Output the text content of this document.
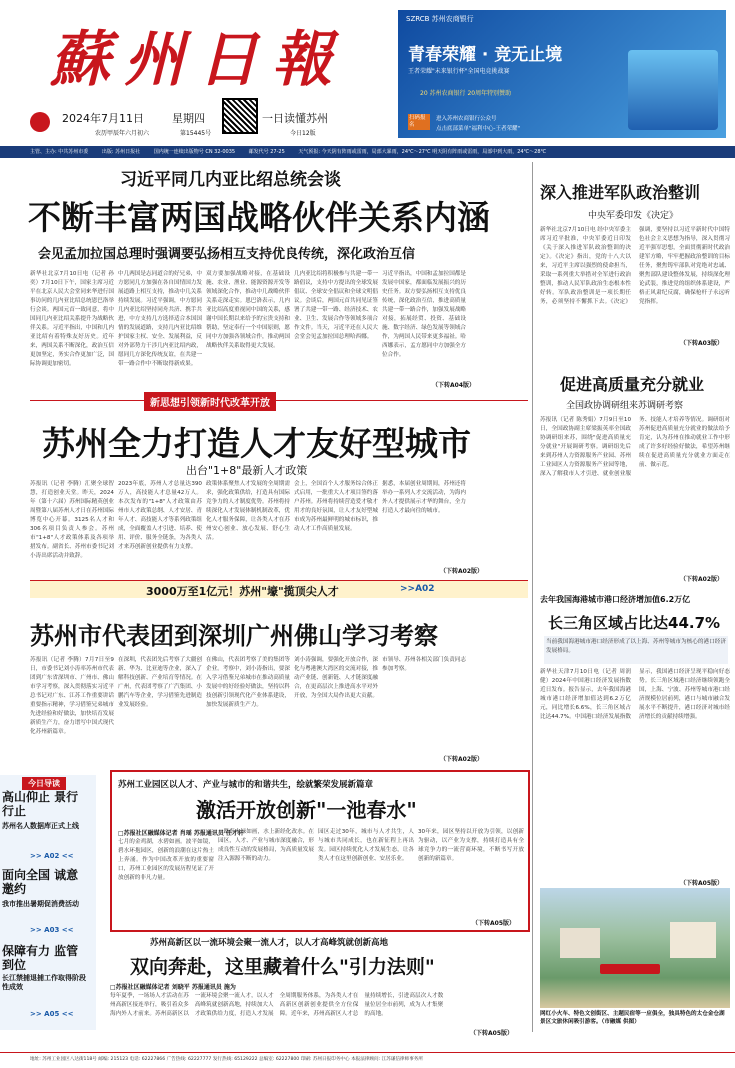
蘇州日報
2024年7月11日	星期四
农历甲辰年六月初六	第15445号
一日读懂苏州
今日12版
SZRCB 苏州农商银行
青春荣耀 · 竞无止境
王者荣耀"未来银行杯"全国电竞挑战赛
20 苏州农商银行 20周年特别赞助
扫码报名
进入苏州农商银行公众号
点击底部菜单"福利中心-王者荣耀"
主管、主办: 中共苏州市委	出版: 苏州日报社	国内统一连续出版物号 CN 32-0035	邮发代号 27-25	天气预报: 今天阴有阵雨或雷雨，局部大暴雨，24℃～27℃ 明天阴有阵雨或雷雨，局部中到大雨，24℃～28℃
习近平同几内亚比绍总统会谈
不断丰富两国战略伙伴关系内涵
会见孟加拉国总理时强调要弘扬相互支持优良传统，深化政治互信
新华社北京7月10日电（记者 孙奕）7月10日下午，国家主席习近平在北京人民大会堂同来华进行国事访问的几内亚比绍总统恩巴洛举行会谈。两国元首一致同意，将中国同几内亚比绍关系提升为战略伙伴关系。习近平指出，中国和几内亚比绍有着特殊友好历史。近年来，两国关系不断深化，政治互信更加坚定，务实合作更加广泛，国际协调更加密切。
中几两国是志同道合的好兄弟，中方愿同几方加强在各自国情国力发展道路上相互支持，推动中几关系持续发展。习近平强调，中方愿同几内亚比绍坚持同舟共济、携手共进，中方支持几方选择适合本国国情的发展道路，支持几内亚比绍维护国家主权、安全、发展利益，反对外部势力干涉几内亚比绍内政，愿同几方深化传统友谊，在共建一带一路合作中不断取得新成果。
双方要加强战略对接，在基础设施、农业、渔业、能源资源开发等领域深化合作，推动中几战略伙伴关系走深走实。恩巴洛表示，几内亚比绍高度重视同中国的关系，感谢中国长期以来给予的宝贵支持和帮助，坚定奉行一个中国原则，愿同中方加强各领域合作，推动两国战略伙伴关系取得更大发展。
几内亚比绍将积极参与共建一带一路倡议，支持中方提出的全球发展倡议、全球安全倡议和全球文明倡议。会谈后，两国元首共同见证签署了共建一带一路、经济技术、农业、卫生、发展合作等领域多项合作文件。当天，习近平还在人民大会堂会见孟加拉国总理哈西娜。
习近平指出，中国和孟加拉国都是发展中国家，都面临发展振兴的历史任务。双方要弘扬相互支持优良传统，深化政治互信，推进高质量共建一带一路合作，加强发展战略对接，拓展经贸、投资、基础设施、数字经济、绿色发展等领域合作，为两国人民带来更多福祉。哈西娜表示，孟方愿同中方加强全方位合作。
（下转A04版）
深入推进军队政治整训
中央军委印发《决定》
新华社北京7月10日电 经中央军委主席习近平批准，中央军委近日印发《关于深入推进军队政治整训的决定》。《决定》指出，党的十八大以来，习近平主席以强烈的使命担当，采取一系列重大举措对全军进行政治整训，推动人民军队政治生态根本性好转。军队政治整训是一项长期任务，必须坚持不懈抓下去。《决定》强调，要坚持以习近平新时代中国特色社会主义思想为指导，深入贯彻习近平强军思想，全面贯彻新时代政治建军方略，牢牢把握政治整训的目标任务，聚焦铸牢部队对党绝对忠诚、聚焦部队建设整体发展，持续深化理论武装，推进党的组织体系建设，严格正风肃纪反腐，确保枪杆子永远听党指挥。
（下转A03版）
新思想引领新时代改革开放
苏州全力打造人才友好型城市
出台"1+8"最新人才政策
苏报讯（记者 李腾）汇聚全球智慧，打造创业天堂。昨天，2024年（第十六届）苏州国际精英创业周暨第八届苏州人才日在苏州国际博览中心开幕。3125名人才和306名项目负责人参会。苏州市"1+8"人才政策体系及各项举措发布。副省长、苏州市委书记刘小涛出席活动并致辞。
2023年底，苏州人才总量达390万人，高技能人才总量42万人。本次发布的"1+8"人才政策由苏州市人才政策总纲、人才安居、青年人才、高技能人才等系列政策组成，全面覆盖人才引进、培养、使用、评价、服务全链条，为各类人才来苏创新创业提供有力支撑。
政策体系聚焦人才发展的全周期需求，强化政策供给，打造具有国际竞争力的人才制度优势。苏州将持续深化人才发展体制机制改革，优化人才服务保障，让各类人才在苏州安心创业、放心发展、舒心生活。
会上，全国首个人才服务综合体正式启用，一批重大人才项目签约落户苏州。苏州将持续营造爱才敬才用才的良好氛围，让人才友好型城市成为苏州最鲜明的城市标识，推动人才工作高质量发展。
据悉，本届创业周期间，苏州还将举办一系列人才交流活动，为海内外人才提供展示才华的舞台，全力打造人才最向往的城市。
（下转A02版）
3000万至1亿元！苏州"壕"揽顶尖人才	>>A02
促进高质量充分就业
全国政协调研组来苏调研考察
苏报讯（记者 陈秀娟）7月9日至10日，全国政协副主席梁振英率全国政协调研组来苏，围绕"促进高质量充分就业"开展调研考察。调研组先后来到苏州人力资源服务产业园、苏州工业园区人力资源服务产业园等地，深入了解我市人才引进、就业创业服务、技能人才培养等情况。调研组对苏州促进高质量充分就业的做法给予肯定，认为苏州在推动就业工作中形成了许多好经验好做法，希望苏州继续在促进高质量充分就业方面走在前、做示范。
（下转A02版）
苏州市代表团到深圳广州佛山学习考察
苏报讯（记者 李腾）7月7日至9日，市委书记刘小涛率苏州市代表团到广东省深圳市、广州市、佛山市学习考察，深入贯彻落实习近平总书记对广东、江苏工作重要讲话重要指示精神，学习借鉴兄弟城市先进经验和好做法，加快培育发展新质生产力，奋力谱写中国式现代化苏州新篇章。
在深圳，代表团先后考察了大疆创新、华为、比亚迪等企业，深入了解科技创新、产业培育等情况。在广州，代表团考察了广汽集团、小鹏汽车等企业，学习借鉴先进制造业发展经验。
在佛山，代表团考察了美的集团等企业。考察中，刘小涛指出，要深入学习借鉴兄弟城市在推动高质量发展中的好经验好做法，坚持以科技创新引领现代化产业体系建设，加快发展新质生产力。
刘小涛强调，要强化开放合作，深化与粤港澳大湾区的交流对接，推动产业链、创新链、人才链深度融合，在更高层次上推进高水平对外开放，为全国大局作出更大贡献。
市领导、苏州各相关部门负责同志参加考察。
（下转A02版）
去年我国海港城市港口经济增加值6.2万亿
长三角区域占比达44.7%
当前我国海港城市港口经济形成了以上海、苏州等城市为核心的港口经济发展格局。
新华社天津7月10日电（记者 周润健）2024年中国港口经济发展指数近日发布。报告显示，去年我国海港城市港口经济增加值达到6.2万亿元，同比增长6.6%，长三角区域占比达44.7%。中国港口经济发展指数显示，我国港口经济呈现平稳向好态势。长三角区域港口经济继续领跑全国，上海、宁波、苏州等城市港口经济规模位居前列，港口与城市融合发展水平不断提升，港口经济对城市经济增长的贡献持续增强。
（下转A05版）
今日导读
高山仰止 景行行止
苏州名人数据库正式上线
>> A02 <<
面向全国 诚意邀约
我市推出暑期促消费活动
>> A03 <<
保障有力 监管到位
长江禁捕退捕工作取得阶段性成效
>> A05 <<
苏州工业园区以人才、产业与城市的和谐共生，绘就繁荣发展新篇章
激活开放创新"一池春水"
□苏报社区融媒体记者 肖瑶 苏报通讯员 任才轩
七月的金鸡湖，水碧如画。波平如镜，碧水环抱园区，创新的浪潮在这片热土上奔涌。作为中国改革开放的重要窗口，苏州工业园区的发展历程见证了开放创新的非凡力量。
一路春水绿如画，水上新经化改水。在园区，人才、产业与城市深度融合，形成良性互动的发展格局，为高质量发展注入源源不断的动力。
园区走过30年，城市与人才共生，人与城市共同成长，也在新征程上再出发。园区持续优化人才发展生态，让各类人才在这里创新创业、安居乐业。
30年来，园区坚持以开放为引领，以创新为驱动，以产业为支撑，持续打造具有全球竞争力的一流营商环境，不断书写开放创新的新篇章。
（下转A05版）
苏州高新区以一流环境会聚一流人才，以人才高峰筑就创新高地
双向奔赴，这里藏着什么"引力法则"
□苏报社区融媒体记者 刘晓平 苏报通讯员 施为
每年夏季，一场场人才活动在苏州高新区接连举行，吸引着众多海内外人才前来。苏州高新区以一流环境会聚一流人才，以人才高峰筑就创新高地，持续加大人才政策供给力度，打造人才发展全周期服务体系，为各类人才在高新区创新创业提供全方位保障。近年来，苏州高新区人才总量持续增长，引进高层次人才数量位居全市前列，成为人才集聚的高地。
（下转A05版）
网红小火车、特色文创街区、主题民宿等一应俱全，独具特色的太仓金仓湖景区文旅休闲吸引游客。（市融媒 供图）
地址: 苏州工业园区八达街118号 邮编: 215123 电话: 62227866 广告热线: 62227777 发行热线: 65129222 总编室: 62227800 印刷: 苏州日报印务中心 本报法律顾问: 江苏谦信律师事务所
